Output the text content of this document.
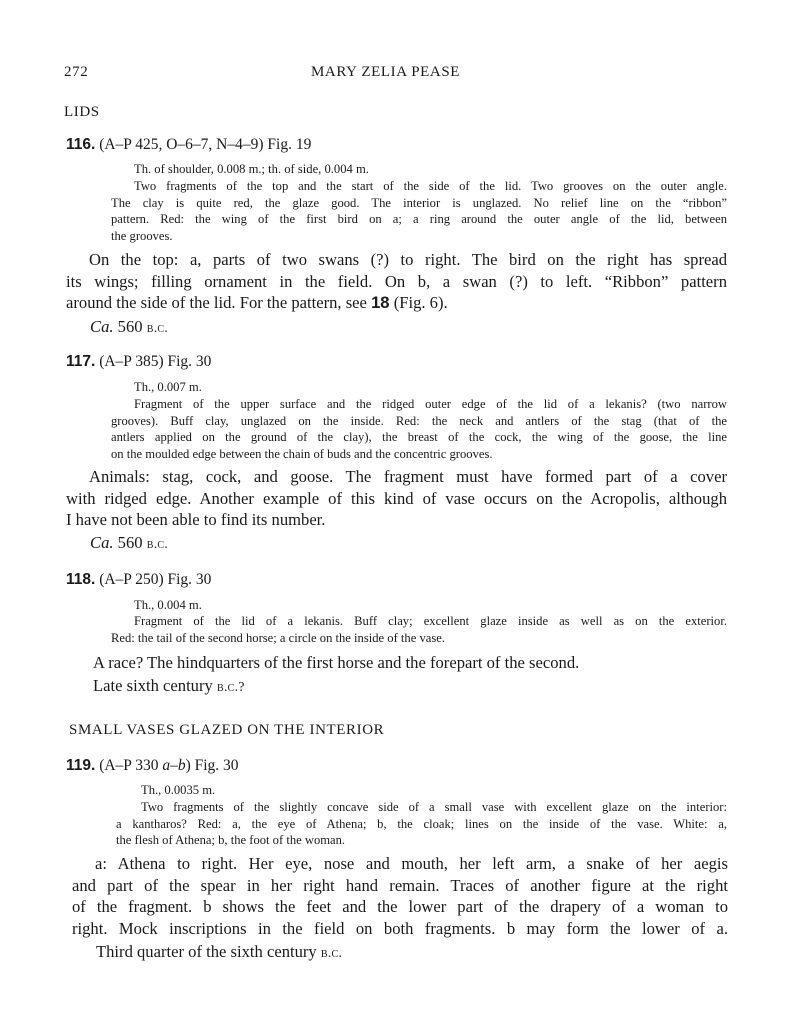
272	MARY ZELIA PEASE
LIDS
116. (A–P 425, O–6–7, N–4–9) Fig. 19
Th. of shoulder, 0.008 m.; th. of side, 0.004 m.

Two fragments of the top and the start of the side of the lid. Two grooves on the outer angle.

The clay is quite red, the glaze good. The interior is unglazed. No relief line on the “ribbon”

pattern. Red: the wing of the first bird on a; a ring around the outer angle of the lid, between

the grooves.

On the top: a, parts of two swans (?) to right. The bird on the right has spread

its wings; filling ornament in the field. On b, a swan (?) to left. “Ribbon” pattern

around the side of the lid. For the pattern, see 18 (Fig. 6).

Ca. 560 b.c.
117. (A–P 385) Fig. 30
Th., 0.007 m.

Fragment of the upper surface and the ridged outer edge of the lid of a lekanis? (two narrow

grooves). Buff clay, unglazed on the inside. Red: the neck and antlers of the stag (that of the

antlers applied on the ground of the clay), the breast of the cock, the wing of the goose, the line

on the moulded edge between the chain of buds and the concentric grooves.

Animals: stag, cock, and goose. The fragment must have formed part of a cover

with ridged edge. Another example of this kind of vase occurs on the Acropolis, although

I have not been able to find its number.

Ca. 560 b.c.
118. (A–P 250) Fig. 30
Th., 0.004 m.

Fragment of the lid of a lekanis. Buff clay; excellent glaze inside as well as on the exterior.

Red: the tail of the second horse; a circle on the inside of the vase.

A race? The hindquarters of the first horse and the forepart of the second.
Late sixth century b.c.?
SMALL VASES GLAZED ON THE INTERIOR
119. (A–P 330 a–b) Fig. 30
Th., 0.0035 m.

Two fragments of the slightly concave side of a small vase with excellent glaze on the interior:

a kantharos? Red: a, the eye of Athena; b, the cloak; lines on the inside of the vase. White: a,

the flesh of Athena; b, the foot of the woman.

a: Athena to right. Her eye, nose and mouth, her left arm, a snake of her aegis

and part of the spear in her right hand remain. Traces of another figure at the right

of the fragment. b shows the feet and the lower part of the drapery of a woman to

right. Mock inscriptions in the field on both fragments. b may form the lower of a.

Third quarter of the sixth century b.c.
